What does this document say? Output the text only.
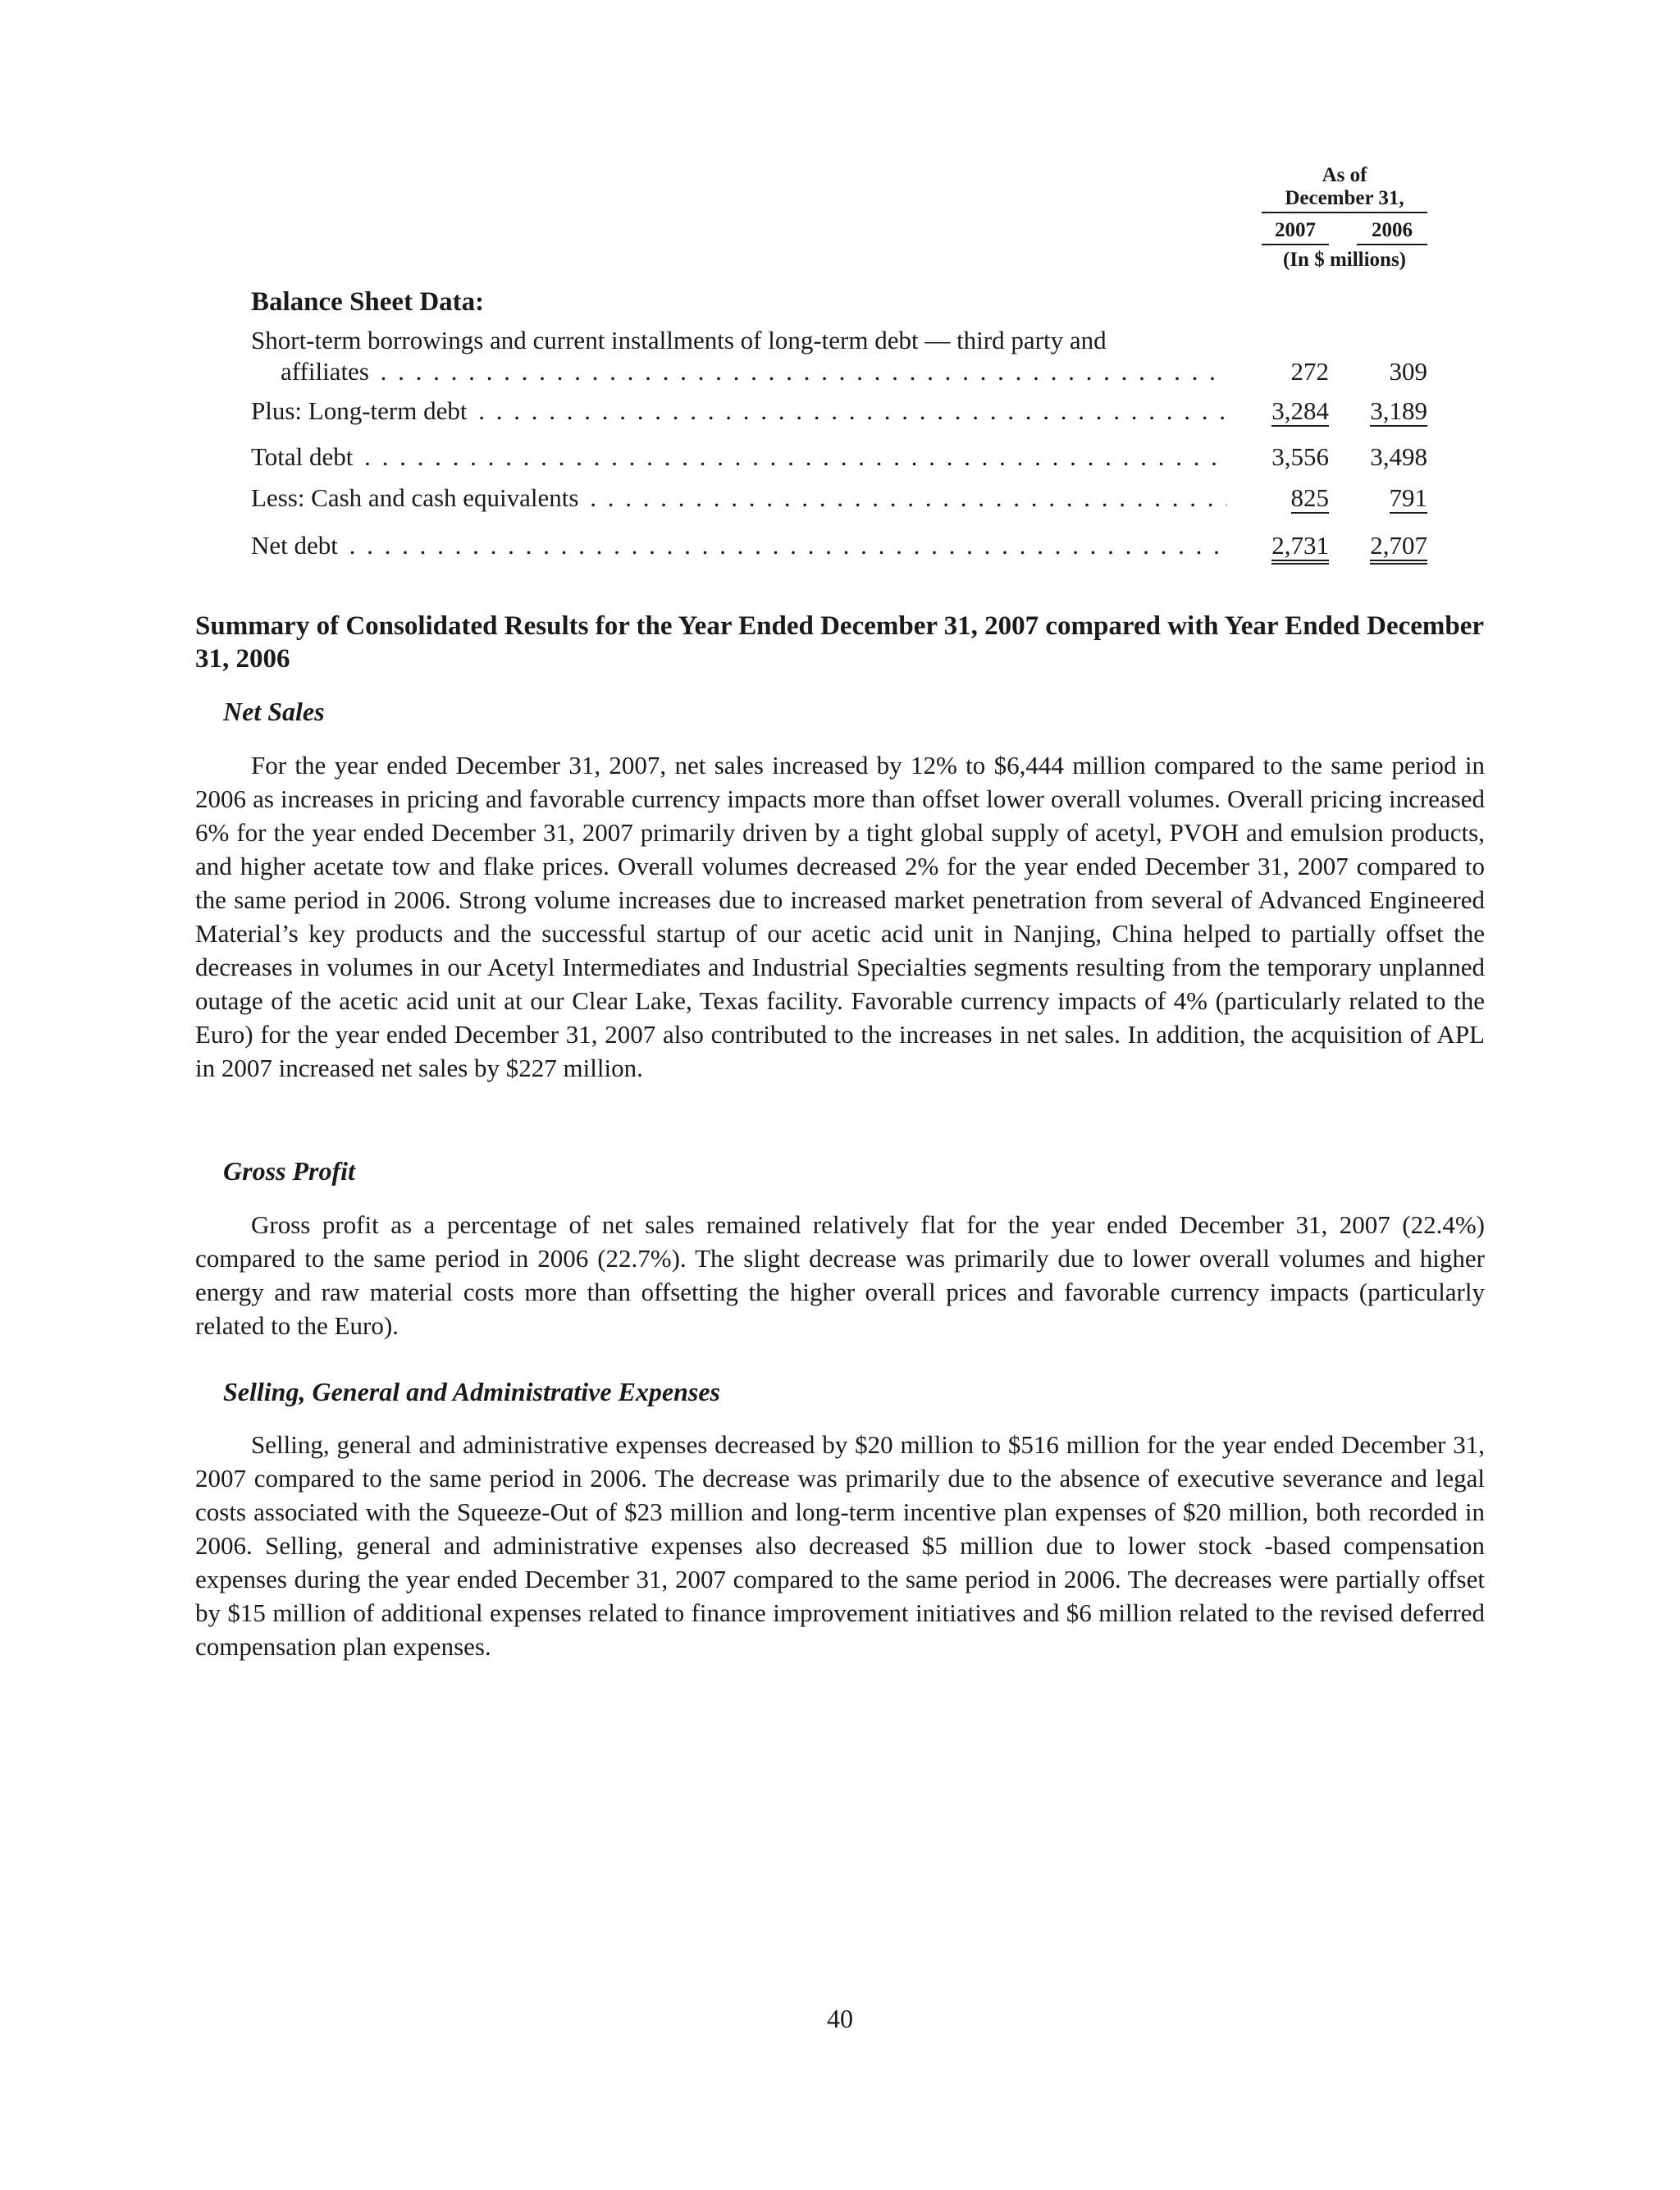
As of
December 31,
2007	2006
(In $ millions)
Balance Sheet Data:
Short-term borrowings and current installments of long-term debt — third party and
affiliates . . .	272	309
Plus: Long-term debt . . .	3,284	3,189
Total debt . . .	3,556	3,498
Less: Cash and cash equivalents . . .	825	791
Net debt . . .	2,731	2,707
Summary of Consolidated Results for the Year Ended December 31, 2007 compared with Year Ended December 31, 2006
Net Sales

For the year ended December 31, 2007, net sales increased by 12% to $6,444 million compared to the same period in 2006 as increases in pricing and favorable currency impacts more than offset lower overall volumes. Overall pricing increased 6% for the year ended December 31, 2007 primarily driven by a tight global supply of acetyl, PVOH and emulsion products, and higher acetate tow and flake prices. Overall volumes decreased 2% for the year ended December 31, 2007 compared to the same period in 2006. Strong volume increases due to increased market penetration from several of Advanced Engineered Material’s key products and the successful startup of our acetic acid unit in Nanjing, China helped to partially offset the decreases in volumes in our Acetyl Intermediates and Industrial Specialties segments resulting from the temporary unplanned outage of the acetic acid unit at our Clear Lake, Texas facility. Favorable currency impacts of 4% (particularly related to the Euro) for the year ended December 31, 2007 also contributed to the increases in net sales. In addition, the acquisition of APL in 2007 increased net sales by $227 million.

Gross Profit

Gross profit as a percentage of net sales remained relatively flat for the year ended December 31, 2007 (22.4%) compared to the same period in 2006 (22.7%). The slight decrease was primarily due to lower overall volumes and higher energy and raw material costs more than offsetting the higher overall prices and favorable currency impacts (particularly related to the Euro).

Selling, General and Administrative Expenses

Selling, general and administrative expenses decreased by $20 million to $516 million for the year ended December 31, 2007 compared to the same period in 2006. The decrease was primarily due to the absence of executive severance and legal costs associated with the Squeeze-Out of $23 million and long-term incentive plan expenses of $20 million, both recorded in 2006. Selling, general and administrative expenses also decreased $5 million due to lower stock -based compensation expenses during the year ended December 31, 2007 compared to the same period in 2006. The decreases were partially offset by $15 million of additional expenses related to finance improvement initiatives and $6 million related to the revised deferred compensation plan expenses.

40
